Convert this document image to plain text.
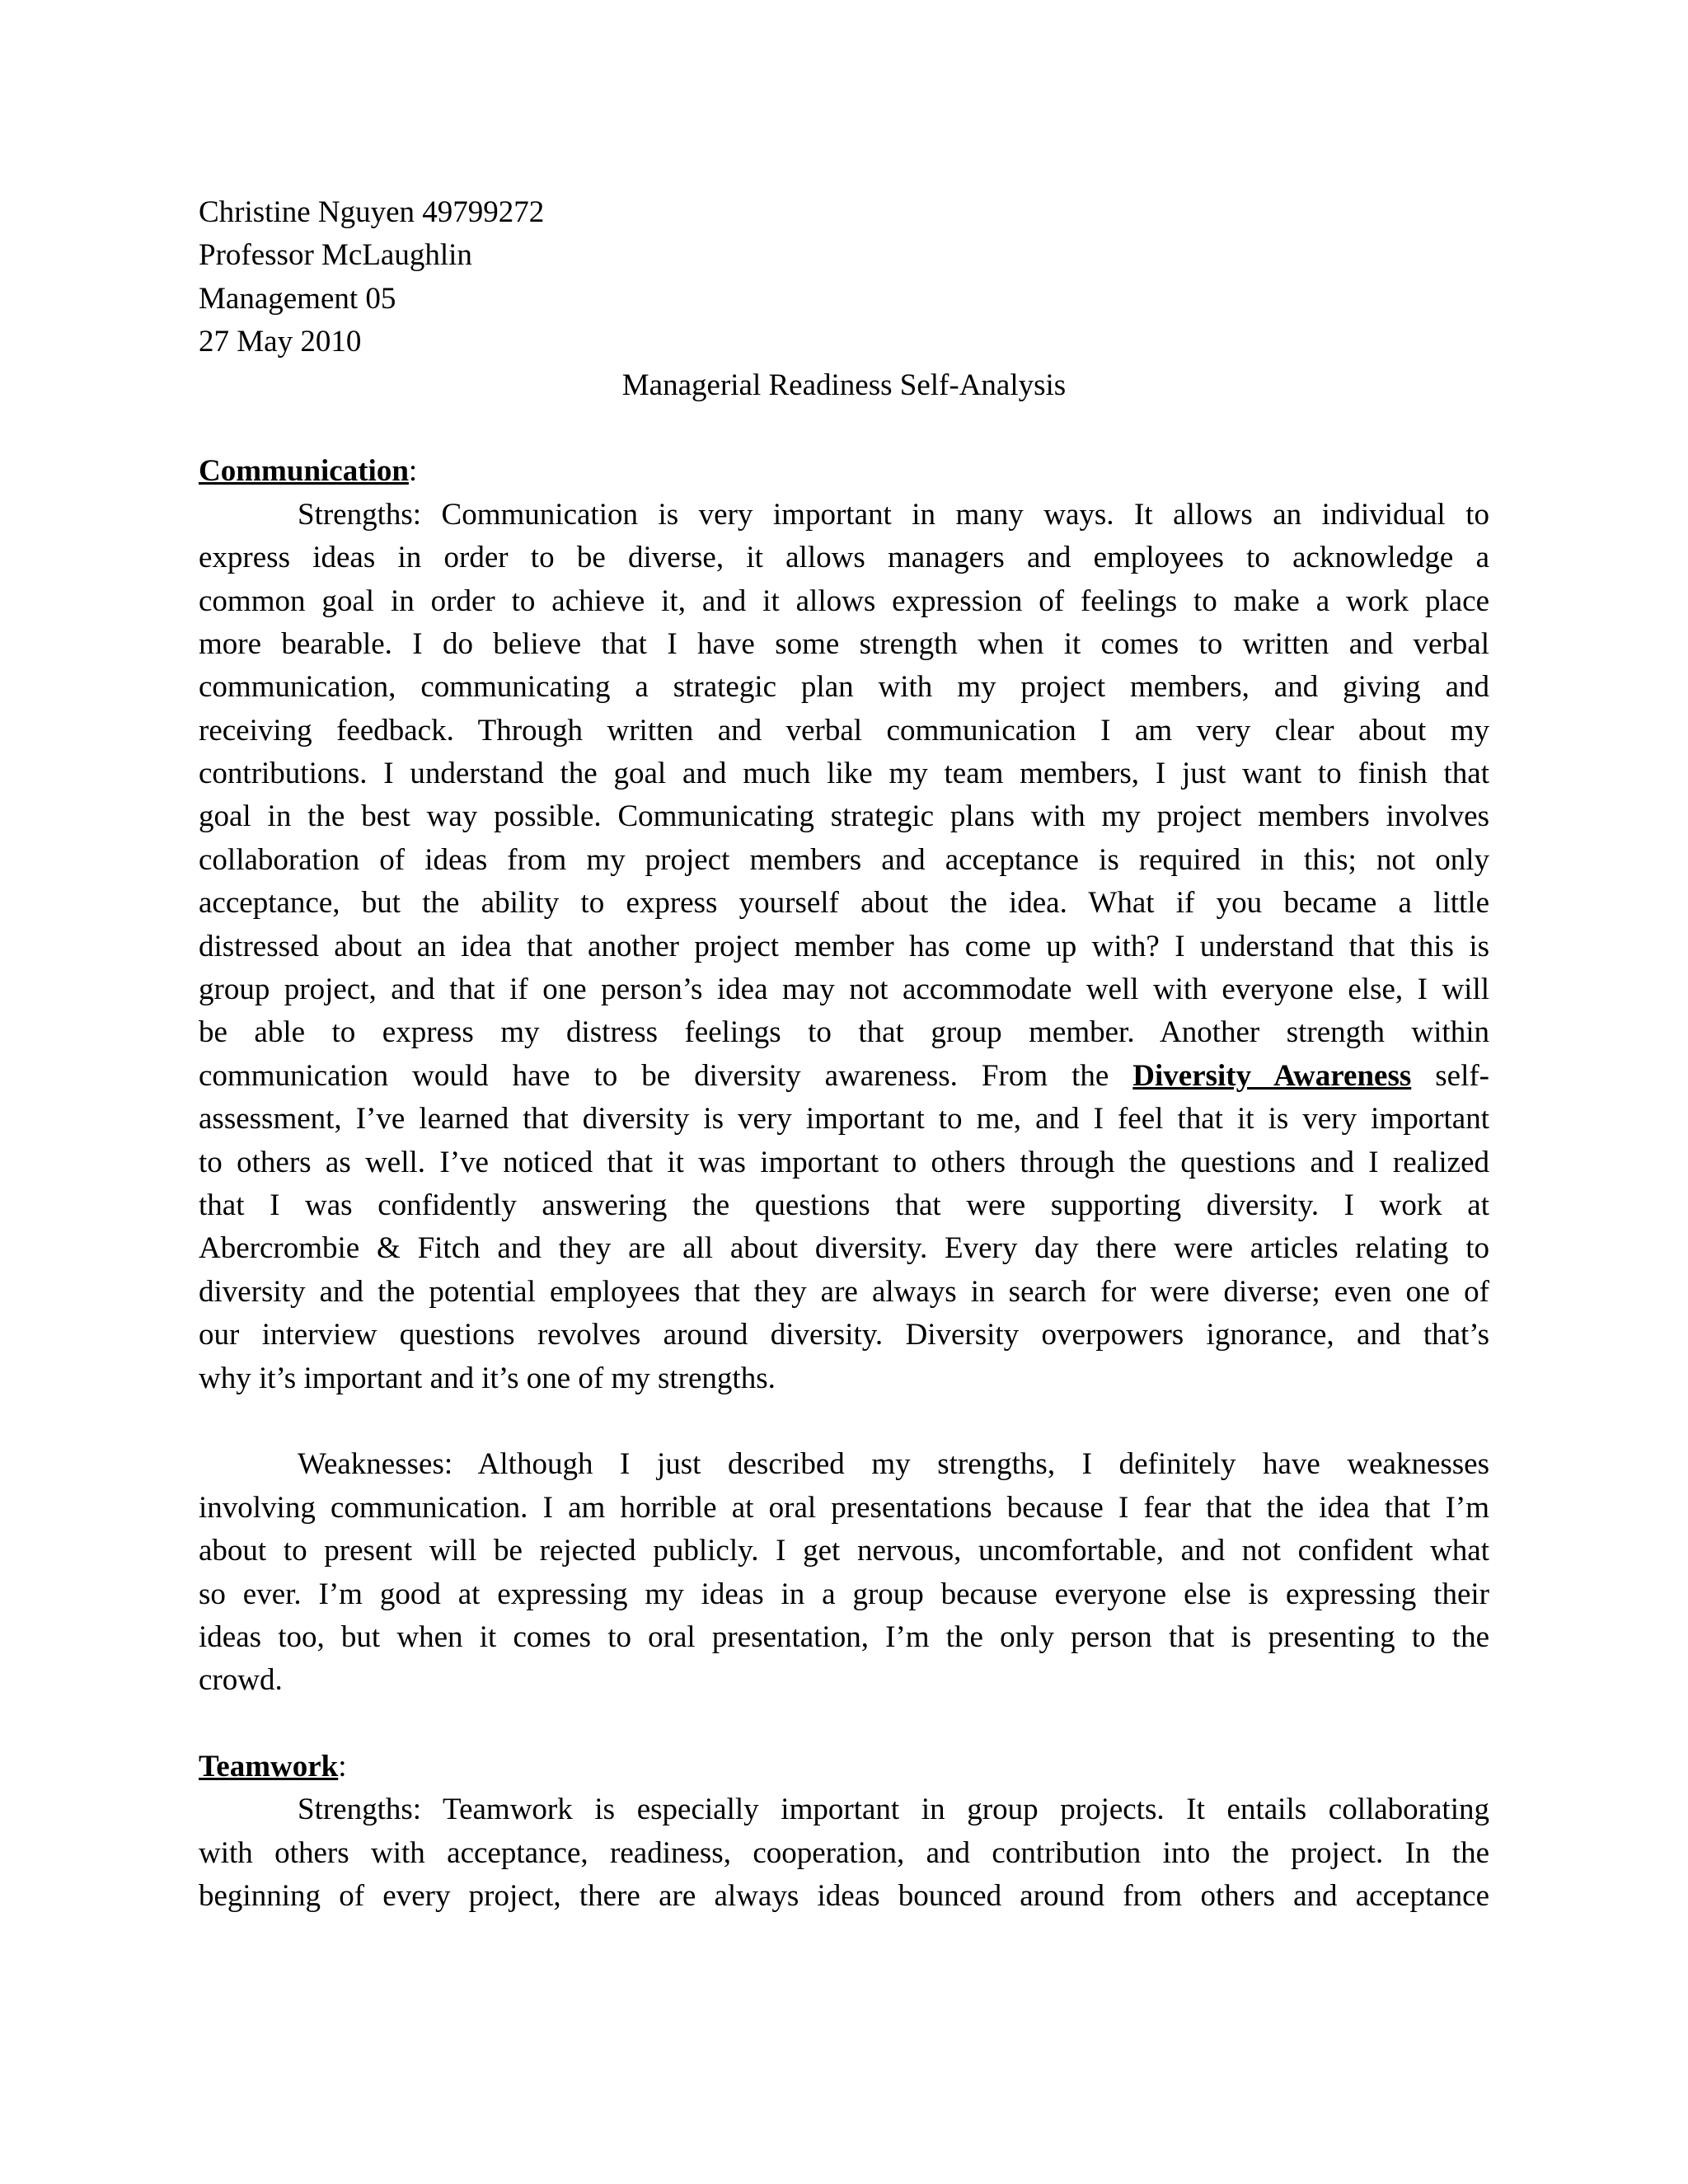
Christine Nguyen 49799272
Professor McLaughlin
Management 05
27 May 2010
Managerial Readiness Self-Analysis
Communication:
Strengths: Communication is very important in many ways. It allows an individual to
express ideas in order to be diverse, it allows managers and employees to acknowledge a
common goal in order to achieve it, and it allows expression of feelings to make a work place
more bearable. I do believe that I have some strength when it comes to written and verbal
communication, communicating a strategic plan with my project members, and giving and
receiving feedback. Through written and verbal communication I am very clear about my
contributions. I understand the goal and much like my team members, I just want to finish that
goal in the best way possible. Communicating strategic plans with my project members involves
collaboration of ideas from my project members and acceptance is required in this; not only
acceptance, but the ability to express yourself about the idea. What if you became a little
distressed about an idea that another project member has come up with? I understand that this is
group project, and that if one person’s idea may not accommodate well with everyone else, I will
be able to express my distress feelings to that group member. Another strength within
communication would have to be diversity awareness. From the Diversity Awareness self-
assessment, I’ve learned that diversity is very important to me, and I feel that it is very important
to others as well. I’ve noticed that it was important to others through the questions and I realized
that I was confidently answering the questions that were supporting diversity. I work at
Abercrombie & Fitch and they are all about diversity. Every day there were articles relating to
diversity and the potential employees that they are always in search for were diverse; even one of
our interview questions revolves around diversity. Diversity overpowers ignorance, and that’s
why it’s important and it’s one of my strengths.
Weaknesses: Although I just described my strengths, I definitely have weaknesses
involving communication. I am horrible at oral presentations because I fear that the idea that I’m
about to present will be rejected publicly. I get nervous, uncomfortable, and not confident what
so ever. I’m good at expressing my ideas in a group because everyone else is expressing their
ideas too, but when it comes to oral presentation, I’m the only person that is presenting to the
crowd.
Teamwork:
Strengths: Teamwork is especially important in group projects. It entails collaborating
with others with acceptance, readiness, cooperation, and contribution into the project. In the
beginning of every project, there are always ideas bounced around from others and acceptance
